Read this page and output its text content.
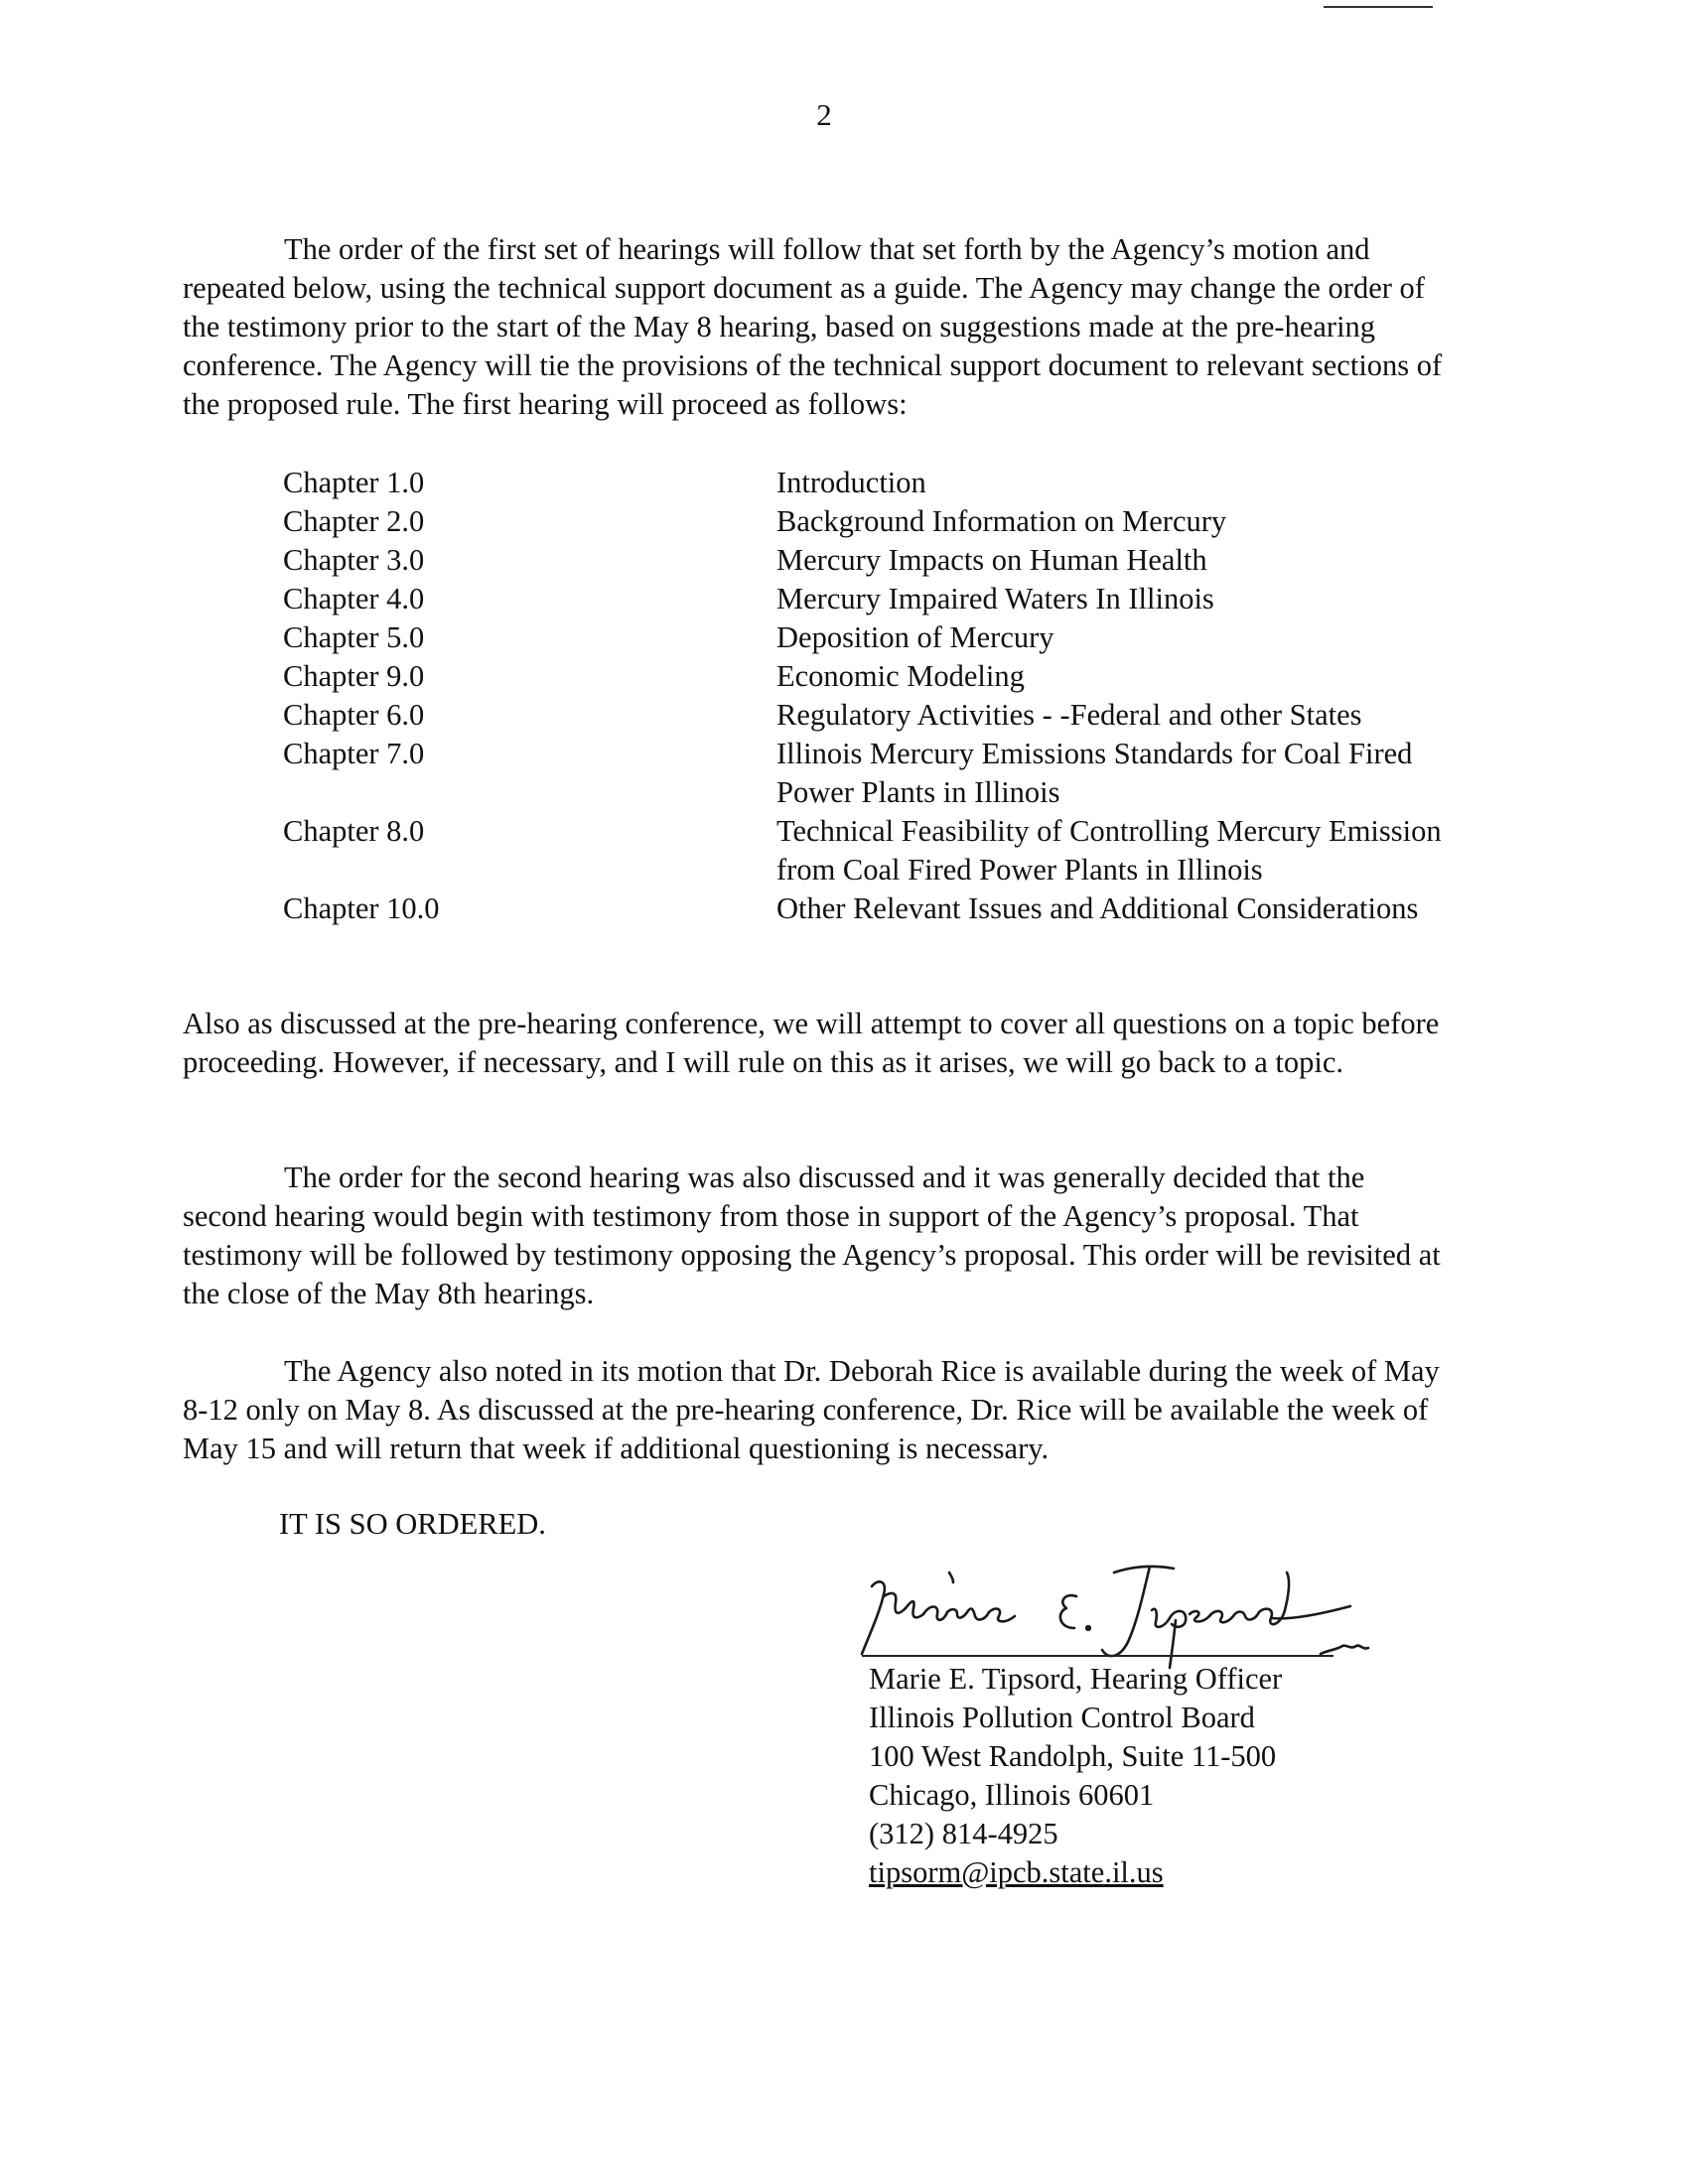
2

The order of the first set of hearings will follow that set forth by the Agency’s motion and repeated below, using the technical support document as a guide. The Agency may change the order of the testimony prior to the start of the May 8 hearing, based on suggestions made at the pre-hearing conference. The Agency will tie the provisions of the technical support document to relevant sections of the proposed rule. The first hearing will proceed as follows:

Chapter 1.0	Introduction
Chapter 2.0	Background Information on Mercury
Chapter 3.0	Mercury Impacts on Human Health
Chapter 4.0	Mercury Impaired Waters In Illinois
Chapter 5.0	Deposition of Mercury
Chapter 9.0	Economic Modeling
Chapter 6.0	Regulatory Activities - -Federal and other States
Chapter 7.0	Illinois Mercury Emissions Standards for Coal Fired Power Plants in Illinois
Chapter 8.0	Technical Feasibility of Controlling Mercury Emission from Coal Fired Power Plants in Illinois
Chapter 10.0	Other Relevant Issues and Additional Considerations

Also as discussed at the pre-hearing conference, we will attempt to cover all questions on a topic before proceeding. However, if necessary, and I will rule on this as it arises, we will go back to a topic.

The order for the second hearing was also discussed and it was generally decided that the second hearing would begin with testimony from those in support of the Agency’s proposal. That testimony will be followed by testimony opposing the Agency’s proposal. This order will be revisited at the close of the May 8th hearings.

The Agency also noted in its motion that Dr. Deborah Rice is available during the week of May 8-12 only on May 8. As discussed at the pre-hearing conference, Dr. Rice will be available the week of May 15 and will return that week if additional questioning is necessary.

IT IS SO ORDERED.
Marie E. Tipsord, Hearing Officer
Illinois Pollution Control Board
100 West Randolph, Suite 11-500
Chicago, Illinois 60601
(312) 814-4925
tipsorm@ipcb.state.il.us
